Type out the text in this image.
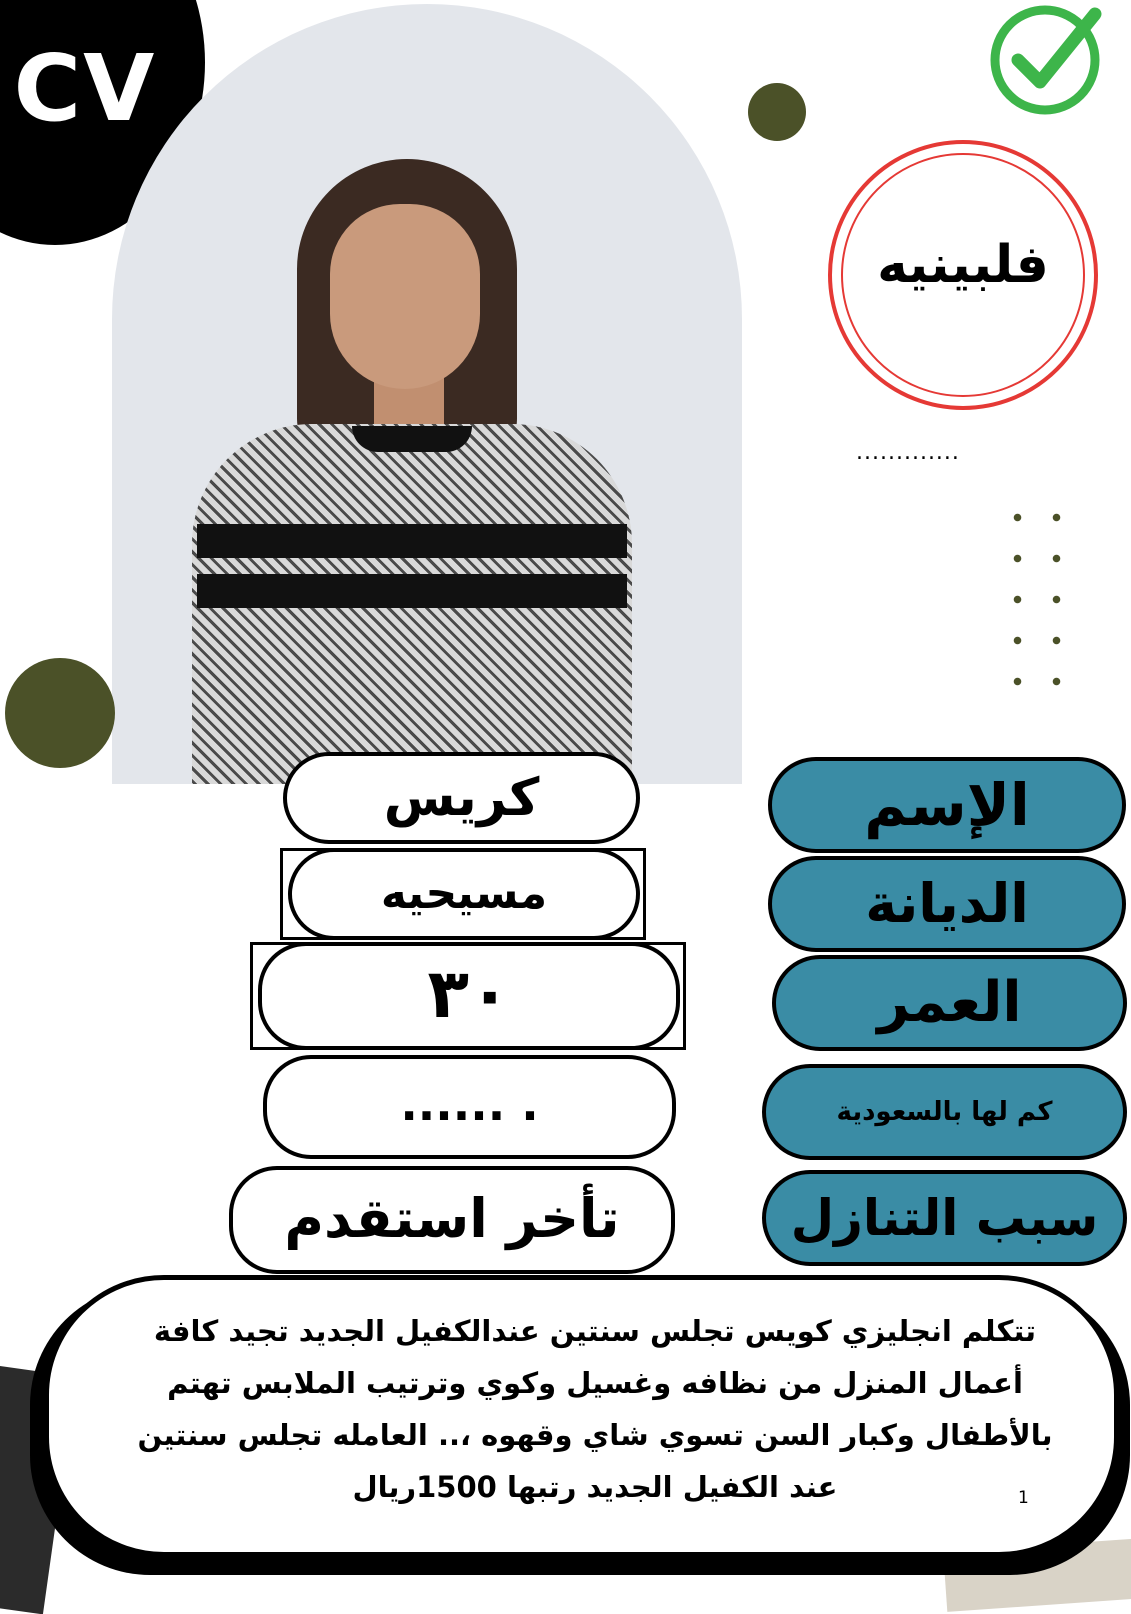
CV
فلبينيه
.............
الإسم
الديانة
العمر
كم لها بالسعودية
سبب التنازل
كريس
مسيحيه
٣٠
. ......
تأخر استقدم
تتكلم انجليزي كويس تجلس سنتين عندالكفيل الجديد تجيد كافة أعمال المنزل من نظافه وغسيل وكوي وترتيب الملابس تهتم بالأطفال وكبار السن تسوي شاي وقهوه ،.. العامله تجلس سنتين عند الكفيل الجديد رتبها 1500ريال	1
